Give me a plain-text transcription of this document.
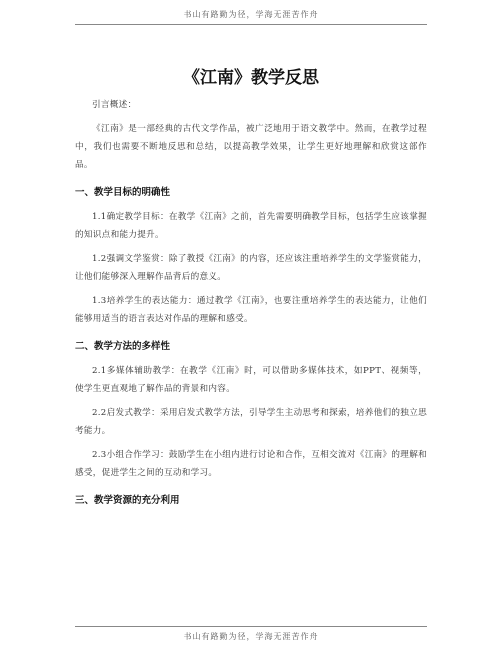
书山有路勤为径，学海无涯苦作舟
《江南》教学反思

引言概述：

《江南》是一部经典的古代文学作品，被广泛地用于语文教学中。然而，在教学过程中，我们也需要不断地反思和总结，以提高教学效果，让学生更好地理解和欣赏这部作品。

一、教学目标的明确性

1.1确定教学目标：在教学《江南》之前，首先需要明确教学目标，包括学生应该掌握的知识点和能力提升。

1.2强调文学鉴赏：除了教授《江南》的内容，还应该注重培养学生的文学鉴赏能力，让他们能够深入理解作品背后的意义。

1.3培养学生的表达能力：通过教学《江南》，也要注重培养学生的表达能力，让他们能够用适当的语言表达对作品的理解和感受。

二、教学方法的多样性

2.1多媒体辅助教学：在教学《江南》时，可以借助多媒体技术，如PPT、视频等，使学生更直观地了解作品的背景和内容。

2.2启发式教学：采用启发式教学方法，引导学生主动思考和探索，培养他们的独立思考能力。

2.3小组合作学习：鼓励学生在小组内进行讨论和合作，互相交流对《江南》的理解和感受，促进学生之间的互动和学习。

三、教学资源的充分利用
书山有路勤为径，学海无涯苦作舟
